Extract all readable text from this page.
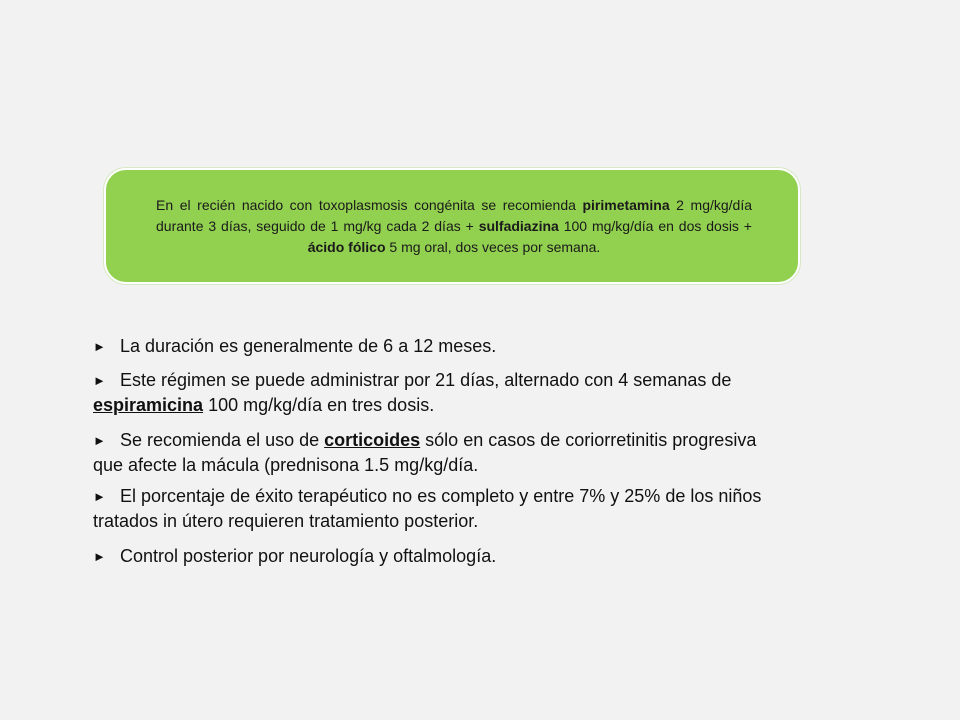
En el recién nacido con toxoplasmosis congénita se recomienda pirimetamina 2 mg/kg/día durante 3 días, seguido de 1 mg/kg cada 2 días + sulfadiazina 100 mg/kg/día en dos dosis + ácido fólico 5 mg oral, dos veces por semana.

► La duración es generalmente de 6 a 12 meses.

► Este régimen se puede administrar por 21 días, alternado con 4 semanas de espiramicina 100 mg/kg/día en tres dosis.

► Se recomienda el uso de corticoides sólo en casos de coriorretinitis progresiva que afecte la mácula (prednisona 1.5 mg/kg/día.

► El porcentaje de éxito terapéutico no es completo y entre 7% y 25% de los niños tratados in útero requieren tratamiento posterior.

► Control posterior por neurología y oftalmología.
